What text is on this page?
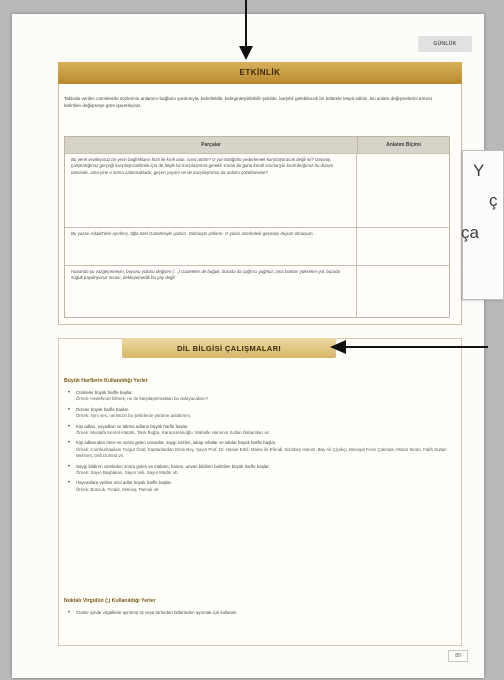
GÜNLÜK
ETKİNLİK
Tabloda verilen cümlelerde sözlerinin anlamını bağlamı yardımıyla, belirtilebilir, belirginleştirilebilir şekilde, karşılık gelebilecek bir bölümle tespit ediniz. Bu anlam değişmelerini türünü belirtilen değişmeye göre işaretleyiniz.
Parçalar	Anlatım Biçimi
Bu yerel vezikiyoruz bir yerin bağlılıkların hızlı ile kırık olan, nasıl andın? O yol önlüğünü yederlemek karşılaştıracak değil mi? Geçmiş, çalıştırdığımız gerçeği karşılaştırabilmek için de böyle bir karşılaştırma gerekli. Kalan bir günü kendi sınırlarıyla kıvılcıktığımız bu durum üzerinde, ama yine o sonra çalınmaktadır, geçen yayımı ne de karşılaştırmış da anlamı çözülmesine?
Bu yazarı Adalet'den ayrılmış, öğle özel Gazetesiyle yazılırı. Dolmuşta yolların. O yoları üzerindeki geçmişe duyum olmuşum.
Havanda şu vazgeçemeyin, boyunu yolunu değişen (…) Gazeteler de buğuk, burada da çağırıcı yağmur, ama bunları yükselen yol, burada soğuk paydiriyoruz insanı, bekleyemedik bu yay değil.
Y
ç
ça
DİL BİLGİSİ ÇALIŞMALARI
Büyük Harflerin Kullanıldığı Yerler
• Cümleler büyük harfle başlar.
Örnek: Hedefimizi bilmek, ne de karşılaştırmaktan bu anlayacaksın?
• Dizeler büyük harfle başlar.
Örnek: Aynı ses, nerimizin bu şehirlerde yürüme anlatımını.
• Kişi adları, soyadları ve takma adların büyük harfle başlar.
Örnek: Mustafa Kemal Atatürk, Tarık Buğra, Karaosmanoğlu, Mahalle Hanımın Sultan Babamları vs.
• Kişi adlarından önce ve sonra gelen unvanlar, saygı sözleri, lakap sıfatlar ve takılar büyük harfle başlar.
Örnek: Cumhurbaşkanı Turgut Özal, Kaptanlardan Emin Bey, Sayın Prof. Dr. Hasan Erbil, Maine ile Efendi, Sizinbey Hanım, Bay Ali Çiçekçi, Meraşal Fevzi Çakmak, Mimar Sinan, Fatih Sultan Mehmet, Deli Dumrul vs.
• Saygı bildiren cümleden sonra gelen ve makam, hanım, unvan bildiren belirtilen büyük harfle başlar.
Örnek: Sayın Başbakan, Sayın Veli, Sayın Müdür vb.
• Hayvanlara verilen özel adlar büyük harfle başlar.
Örnek: Boncuk, Fındık, Minnoş, Pamuk vb.
Noktalı Virgülün (;) Kullanıldığı Yerler
• Cümle içinde virgüllerle ayrılmış öz veya türlerden birbirinden ayırmak için kullanılır.
89
